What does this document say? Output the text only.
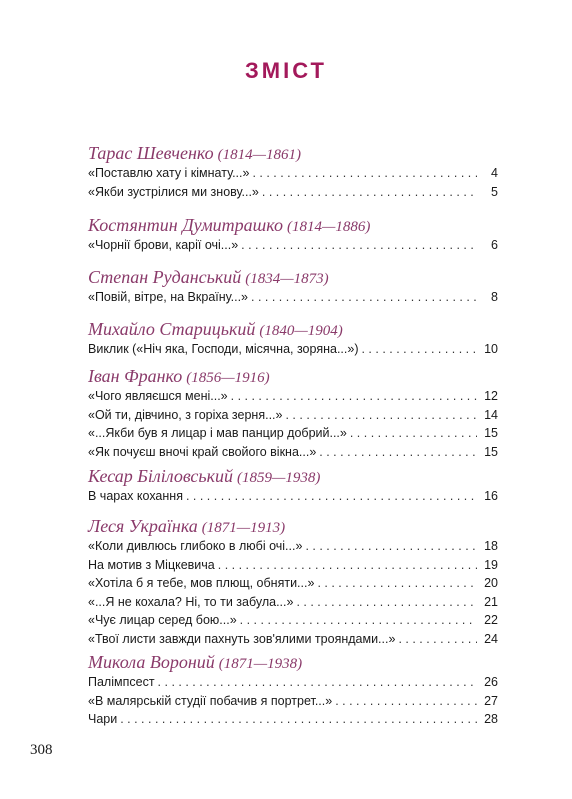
ЗМІСТ
Тарас Шевченко (1814—1861)
«Поставлю хату і кімнату...» . . .	4
«Якби зустрілися ми знову...» . . .	5
Костянтин Думитрашко (1814—1886)
«Чорнії брови, карії очі...» . . .	6
Степан Руданський (1834—1873)
«Повій, вітре, на Вкраїну...» . . .	8
Михайло Старицький (1840—1904)
Виклик («Ніч яка, Господи, місячна, зоряна...») . . .	10
Іван Франко (1856—1916)
«Чого являєшся мені...» . . .	12
«Ой ти, дівчино, з горіха зерня...» . . .	14
«...Якби був я лицар і мав панцир добрий...» . . .	15
«Як почуєш вночі край свойого вікна...» . . .	15
Кесар Біліловський (1859—1938)
В чарах кохання . . .	16
Леся Українка (1871—1913)
«Коли дивлюсь глибоко в любі очі...» . . .	18
На мотив з Міцкевича . . .	19
«Хотіла б я тебе, мов плющ, обняти...» . . .	20
«...Я не кохала? Ні, то ти забула...» . . .	21
«Чує лицар серед бою...» . . .	22
«Твої листи завжди пахнуть зов'ялими трояндами...» . . .	24
Микола Вороний (1871—1938)
Палімпсест . . .	26
«В малярській студії побачив я портрет...» . . .	27
Чари . . .	28
308
